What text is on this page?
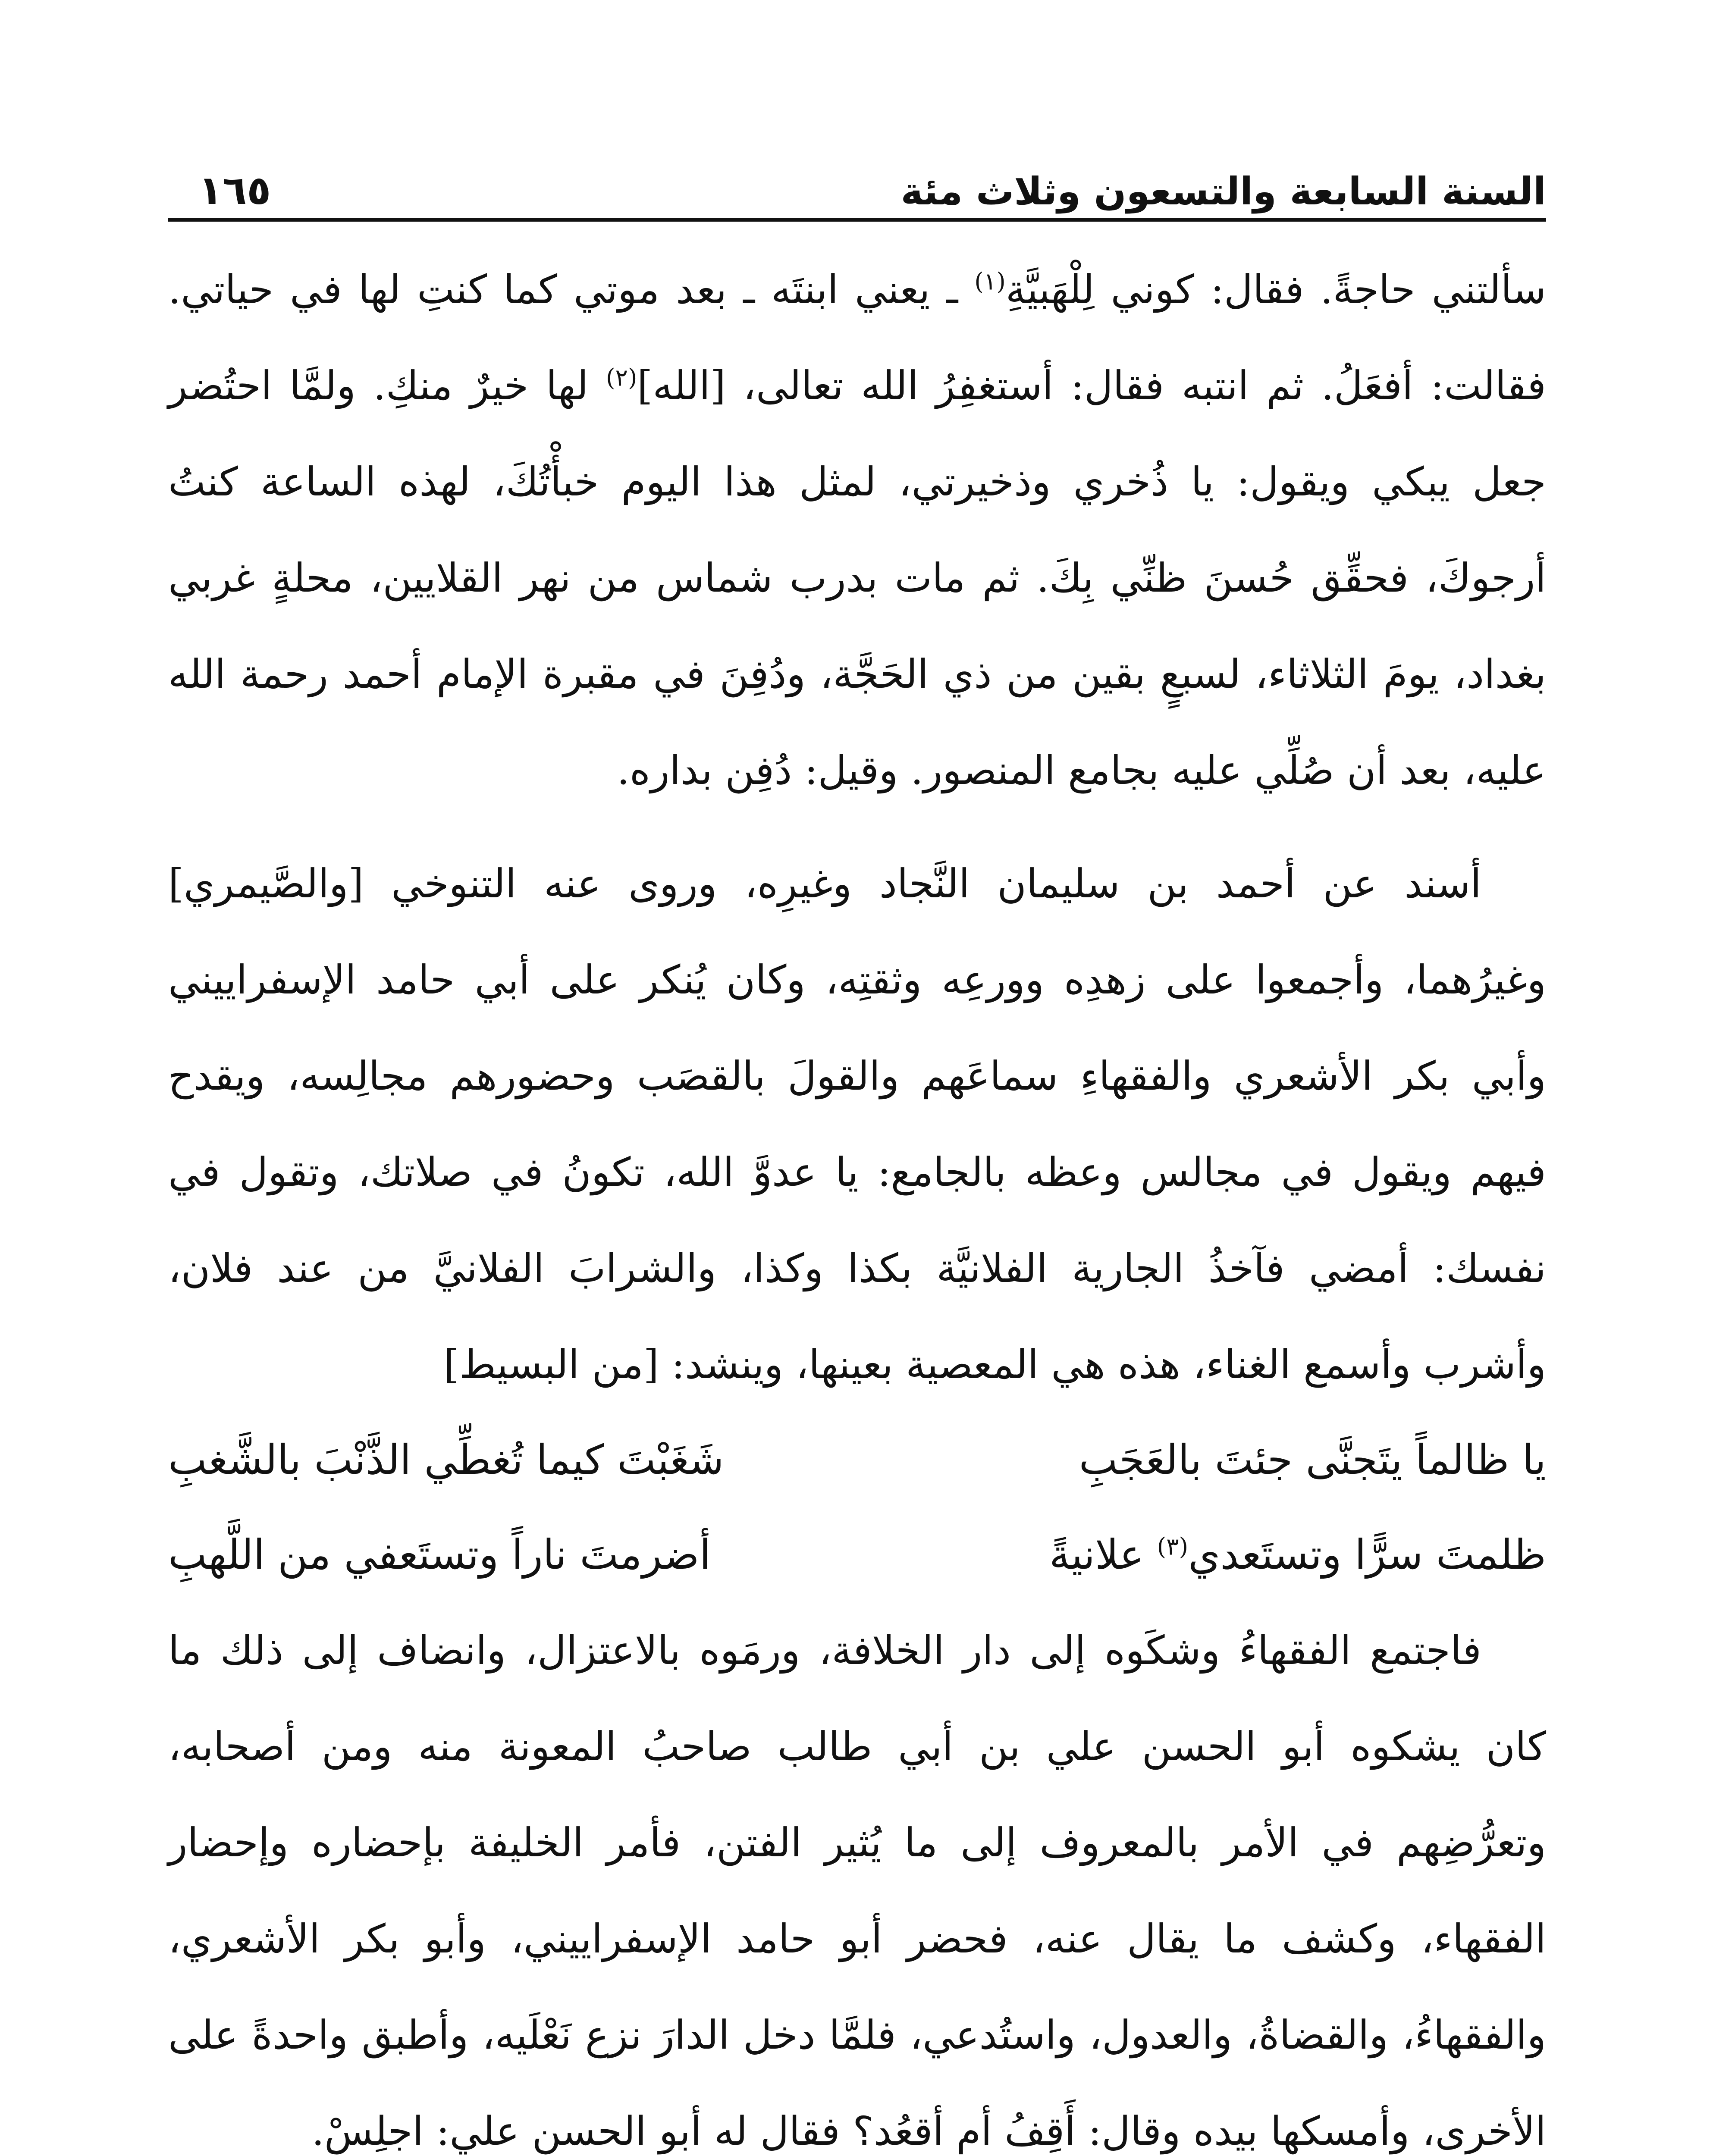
السنة السابعة والتسعون وثلاث مئة
١٦٥

سألتني حاجةً. فقال: كوني لِلْهَبيَّةِ$^{(١)}$ ـ يعني ابنتَه ـ بعد موتي كما كنتِ لها في حياتي. فقالت: أفعَلُ. ثم انتبه فقال: أستغفِرُ الله تعالى، [الله]$^{(٢)}$ لها خيرٌ منكِ. ولمَّا احتُضر جعل يبكي ويقول: يا ذُخري وذخيرتي، لمثل هذا اليوم خبأْتُكَ، لهذه الساعة كنتُ أرجوكَ، فحقِّق حُسنَ ظنِّي بِكَ. ثم مات بدرب شماس من نهر القلايين، محلةٍ غربي بغداد، يومَ الثلاثاء، لسبعٍ بقين من ذي الحَجَّة، ودُفِنَ في مقبرة الإمام أحمد رحمة الله عليه، بعد أن صُلِّي عليه بجامع المنصور. وقيل: دُفِن بداره.

أسند عن أحمد بن سليمان النَّجاد وغيرِه، وروى عنه التنوخي [والصَّيمري] وغيرُهما، وأجمعوا على زهدِه وورعِه وثقتِه، وكان يُنكر على أبي حامد الإسفراييني وأبي بكر الأشعري والفقهاءِ سماعَهم والقولَ بالقصَب وحضورهم مجالِسه، ويقدح فيهم ويقول في مجالس وعظه بالجامع: يا عدوَّ الله، تكونُ في صلاتك، وتقول في نفسك: أمضي فآخذُ الجارية الفلانيَّة بكذا وكذا، والشرابَ الفلانيَّ من عند فلان، وأشرب وأسمع الغناء، هذه هي المعصية بعينها، وينشد: [من البسيط]

يا ظالماً يتَجنَّى جئتَ بالعَجَبِ
شَغَبْتَ كيما تُغطِّي الذَّنْبَ بالشَّغبِ
ظلمتَ سرًّا وتستَعدي$^{(٣)}$ علانيةً
أضرمتَ ناراً وتستَعفي من اللَّهبِ

فاجتمع الفقهاءُ وشكَوه إلى دار الخلافة، ورمَوه بالاعتزال، وانضاف إلى ذلك ما كان يشكوه أبو الحسن علي بن أبي طالب صاحبُ المعونة منه ومن أصحابه، وتعرُّضِهم في الأمر بالمعروف إلى ما يُثير الفتن، فأمر الخليفة بإحضاره وإحضار الفقهاء، وكشف ما يقال عنه، فحضر أبو حامد الإسفراييني، وأبو بكر الأشعري، والفقهاءُ، والقضاةُ، والعدول، واستُدعي، فلمَّا دخل الدارَ نزع نَعْلَيه، وأطبق واحدةً على الأخرى، وأمسكها بيده وقال: أَقِفُ أم أقعُد؟ فقال له أبو الحسن علي: اجلِسْ.
